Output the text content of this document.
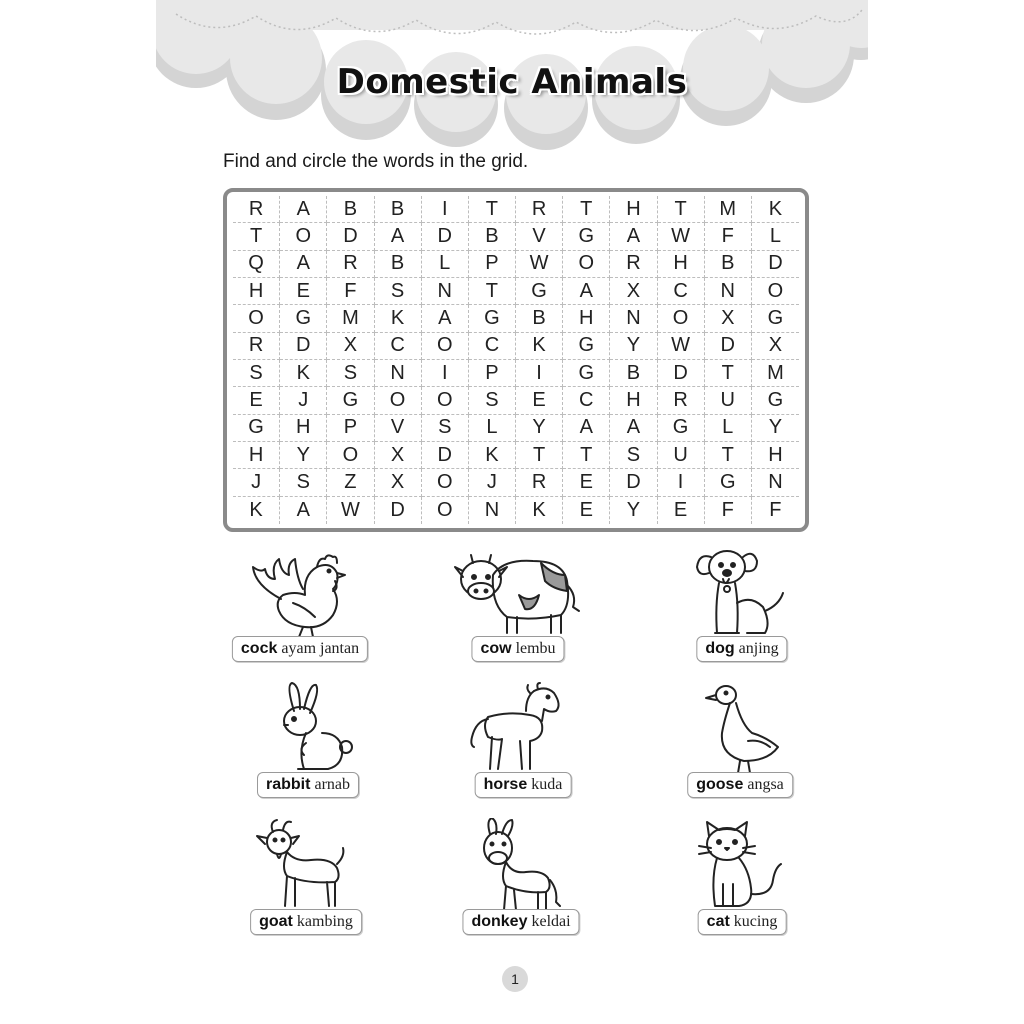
Domestic Animals
Find and circle the words in the grid.
R	A	B	B	I	T	R	T	H	T	M	K
T	O	D	A	D	B	V	G	A	W	F	L
Q	A	R	B	L	P	W	O	R	H	B	D
H	E	F	S	N	T	G	A	X	C	N	O
O	G	M	K	A	G	B	H	N	O	X	G
R	D	X	C	O	C	K	G	Y	W	D	X
S	K	S	N	I	P	I	G	B	D	T	M
E	J	G	O	O	S	E	C	H	R	U	G
G	H	P	V	S	L	Y	A	A	G	L	Y
H	Y	O	X	D	K	T	T	S	U	T	H
J	S	Z	X	O	J	R	E	D	I	G	N
K	A	W	D	O	N	K	E	Y	E	F	F
cock ayam jantan	cow lembu	dog anjing
rabbit arnab	horse kuda	goose angsa
goat kambing	donkey keldai	cat kucing
1
